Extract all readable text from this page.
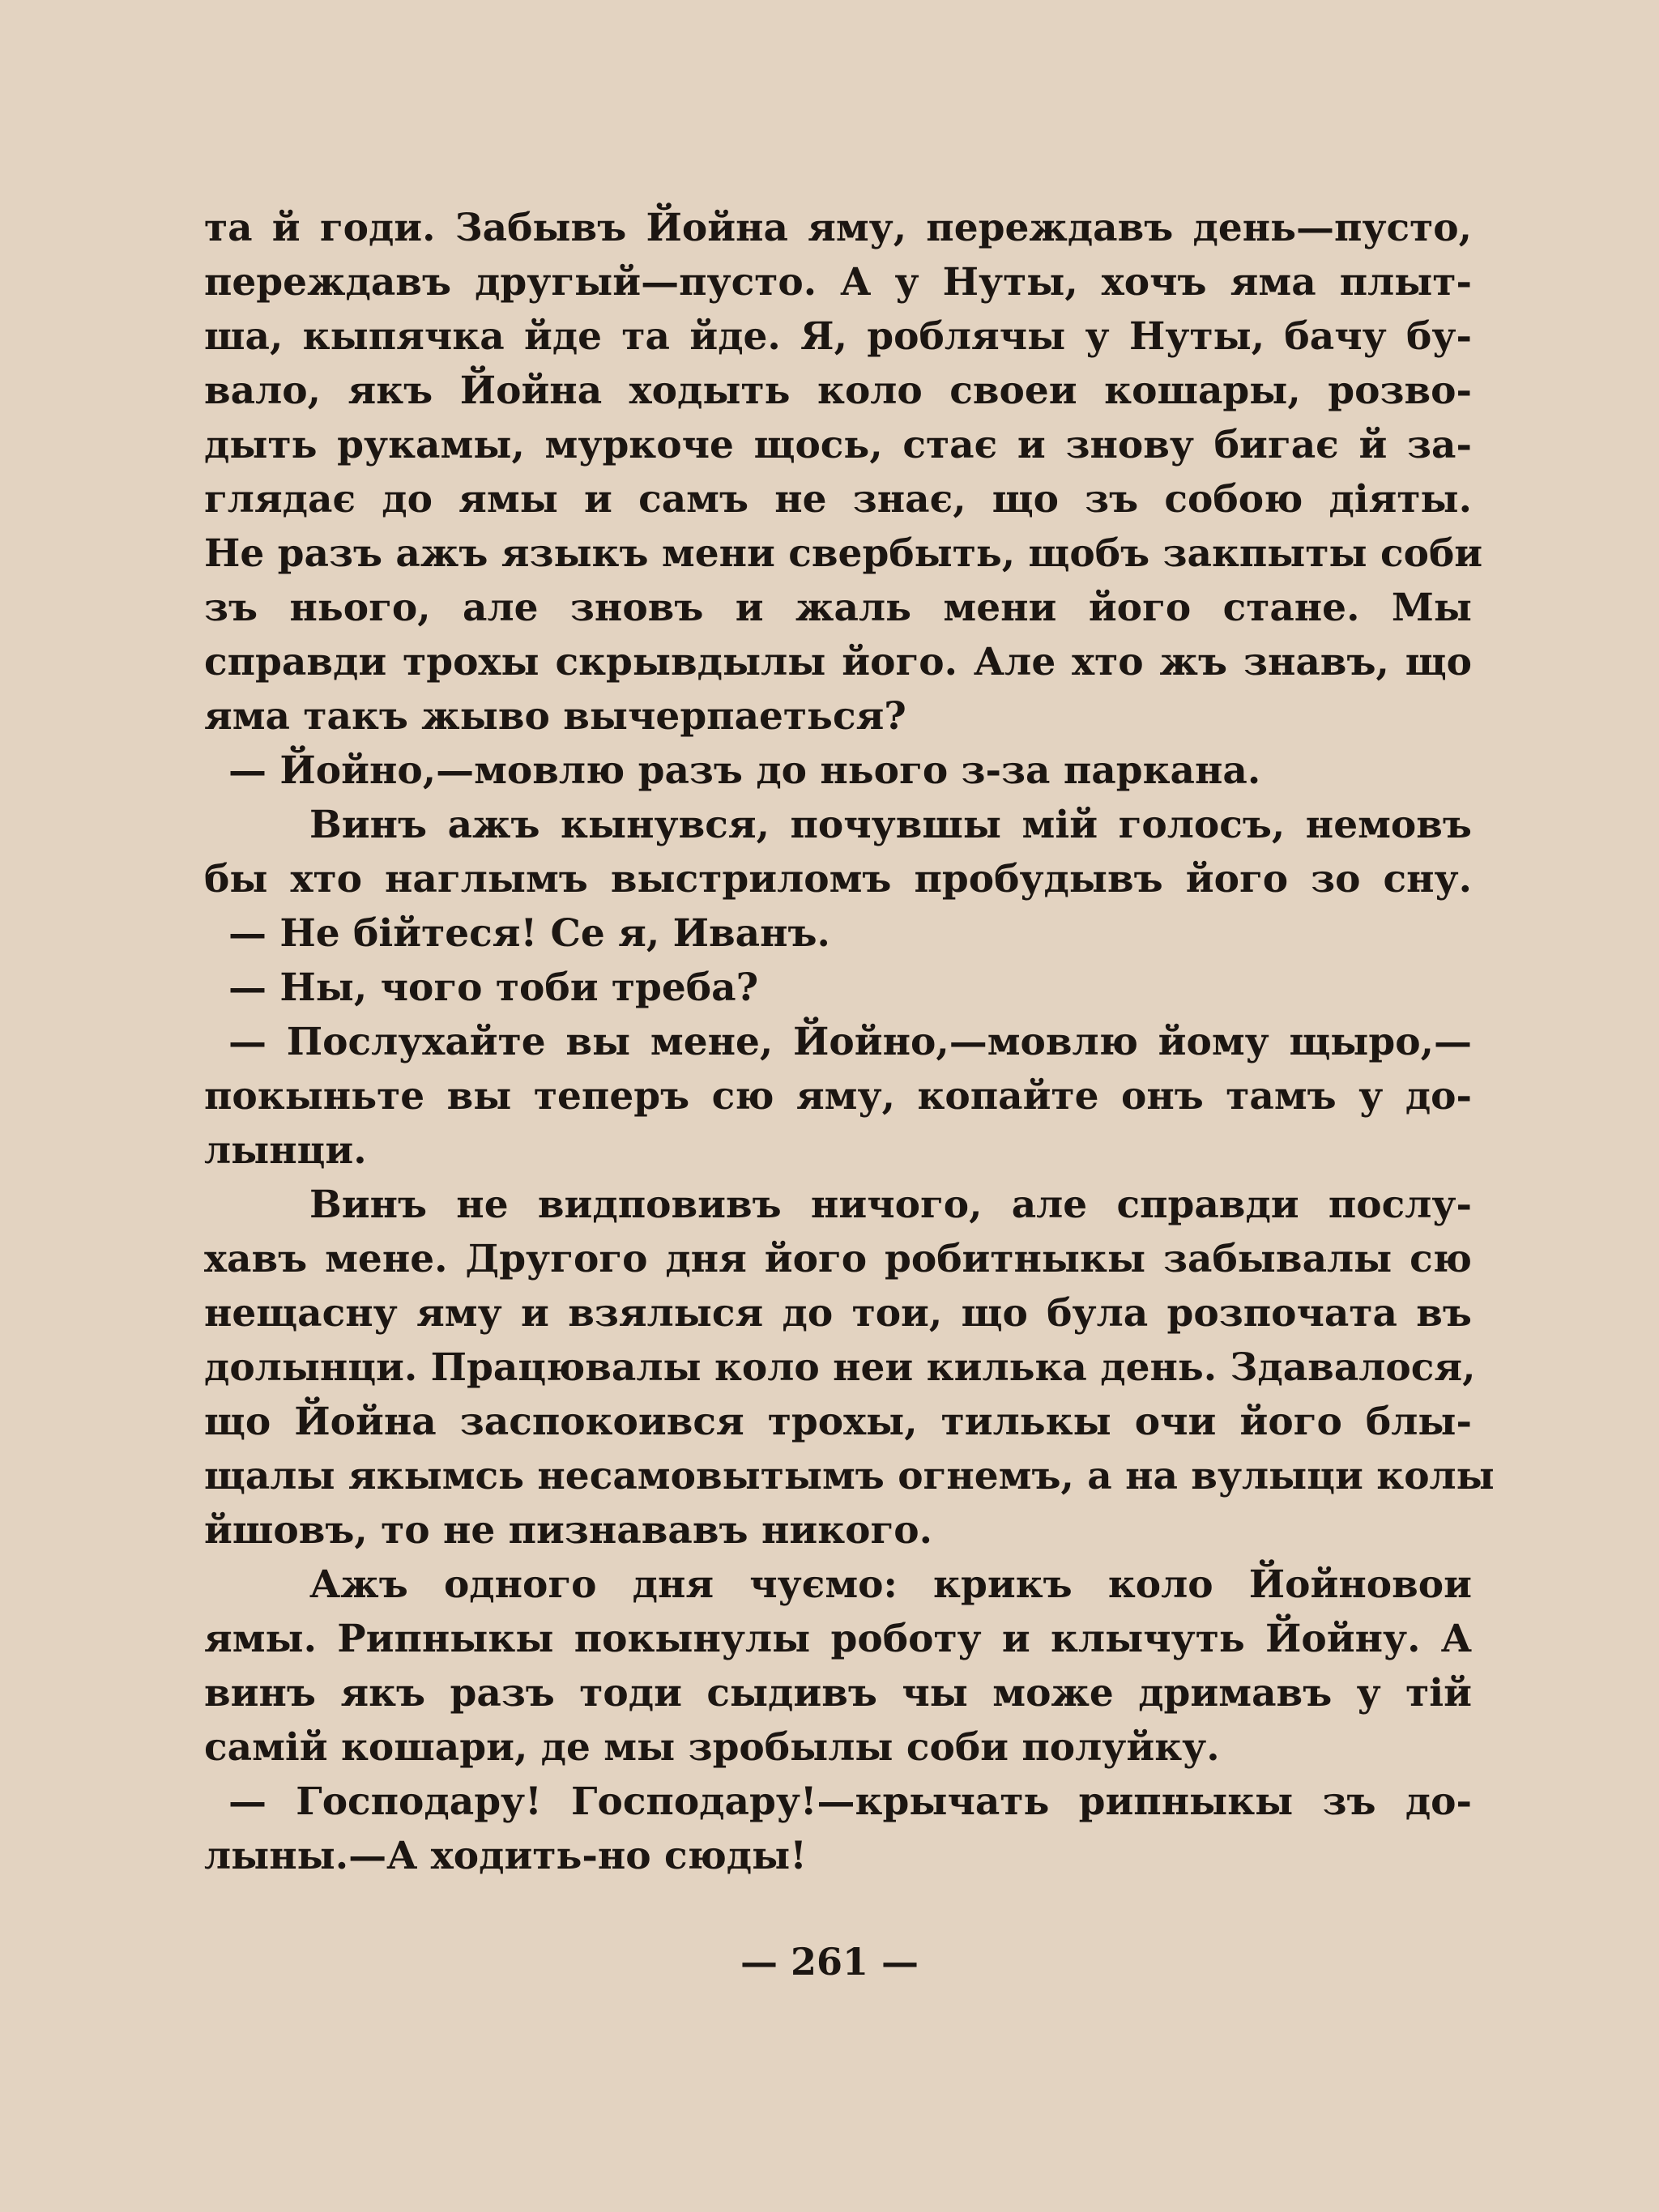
та й годи. Забывъ Йойна яму, переждавъ день—пусто,
переждавъ другый—пусто. А у Нуты, хочъ яма плыт-
ша, кыпячка йде та йде. Я, роблячы у Нуты, бачу бу-
вало, якъ Йойна ходыть коло своеи кошары, розво-
дыть рукамы, муркоче щось, стає и знову бигає й за-
глядає до ямы и самъ не знає, що зъ собою діяты.
Не разъ ажъ языкъ мени свербыть, щобъ закпыты соби
зъ нього, але зновъ и жаль мени його стане. Мы
справди трохы скрывдылы його. Але хто жъ знавъ, що
яма такъ жыво вычерпаеться?
— Йойно,—мовлю разъ до нього з-за паркана.
Винъ ажъ кынувся, почувшы мій голосъ, немовъ
бы хто наглымъ выстриломъ пробудывъ його зо сну.
— Не бійтеся! Се я, Иванъ.
— Ны, чого тоби треба?
— Послухайте вы мене, Йойно,—мовлю йому щыро,—
покыньте вы теперъ сю яму, копайте онъ тамъ у до-
лынци.
Винъ не видповивъ ничого, але справди послу-
хавъ мене. Другого дня його робитныкы забывалы сю
нещасну яму и взялыся до тои, що була розпочата въ
долынци. Працювалы коло неи килька день. Здавалося,
що Йойна заспокоився трохы, тилькы очи його блы-
щалы якымсь несамовытымъ огнемъ, а на вулыци колы
йшовъ, то не пизнававъ никого.
Ажъ одного дня чуємо: крикъ коло Йойновои
ямы. Рипныкы покынулы роботу и клычуть Йойну. А
винъ якъ разъ тоди сыдивъ чы може дримавъ у тій
самій кошари, де мы зробылы соби полуйку.
— Господару! Господару!—крычать рипныкы зъ до-
лыны.—А ходить-но сюды!
— 261 —
